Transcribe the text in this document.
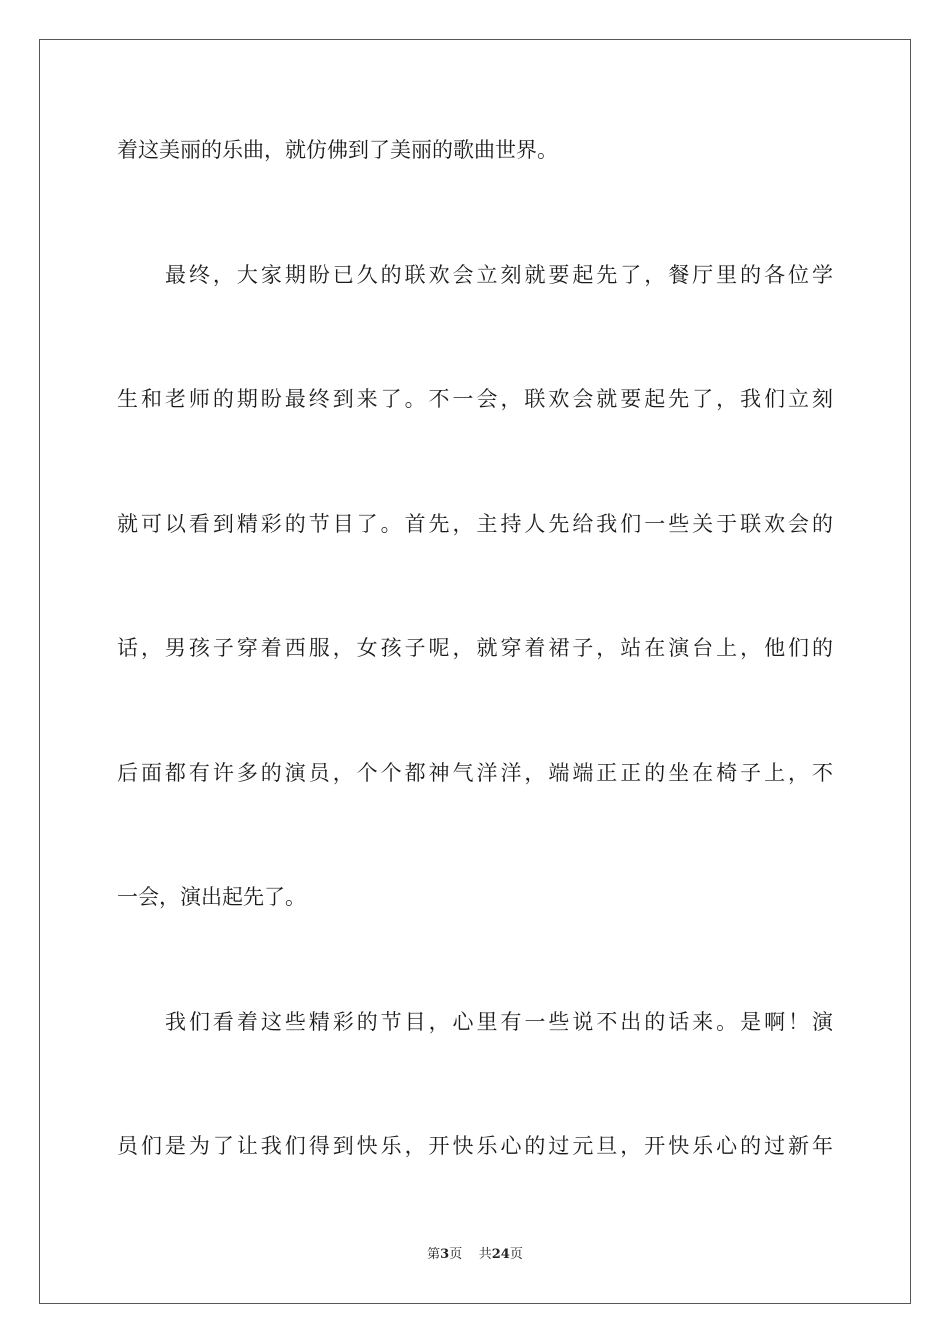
着这美丽的乐曲，就仿佛到了美丽的歌曲世界。
最终，大家期盼已久的联欢会立刻就要起先了，餐厅里的各位学
生和老师的期盼最终到来了。不一会，联欢会就要起先了，我们立刻
就可以看到精彩的节目了。首先，主持人先给我们一些关于联欢会的
话，男孩子穿着西服，女孩子呢，就穿着裙子，站在演台上，他们的
后面都有许多的演员，个个都神气洋洋，端端正正的坐在椅子上，不
一会，演出起先了。
我们看着这些精彩的节目，心里有一些说不出的话来。是啊！演
员们是为了让我们得到快乐，开快乐心的过元旦，开快乐心的过新年
第3页 共24页
